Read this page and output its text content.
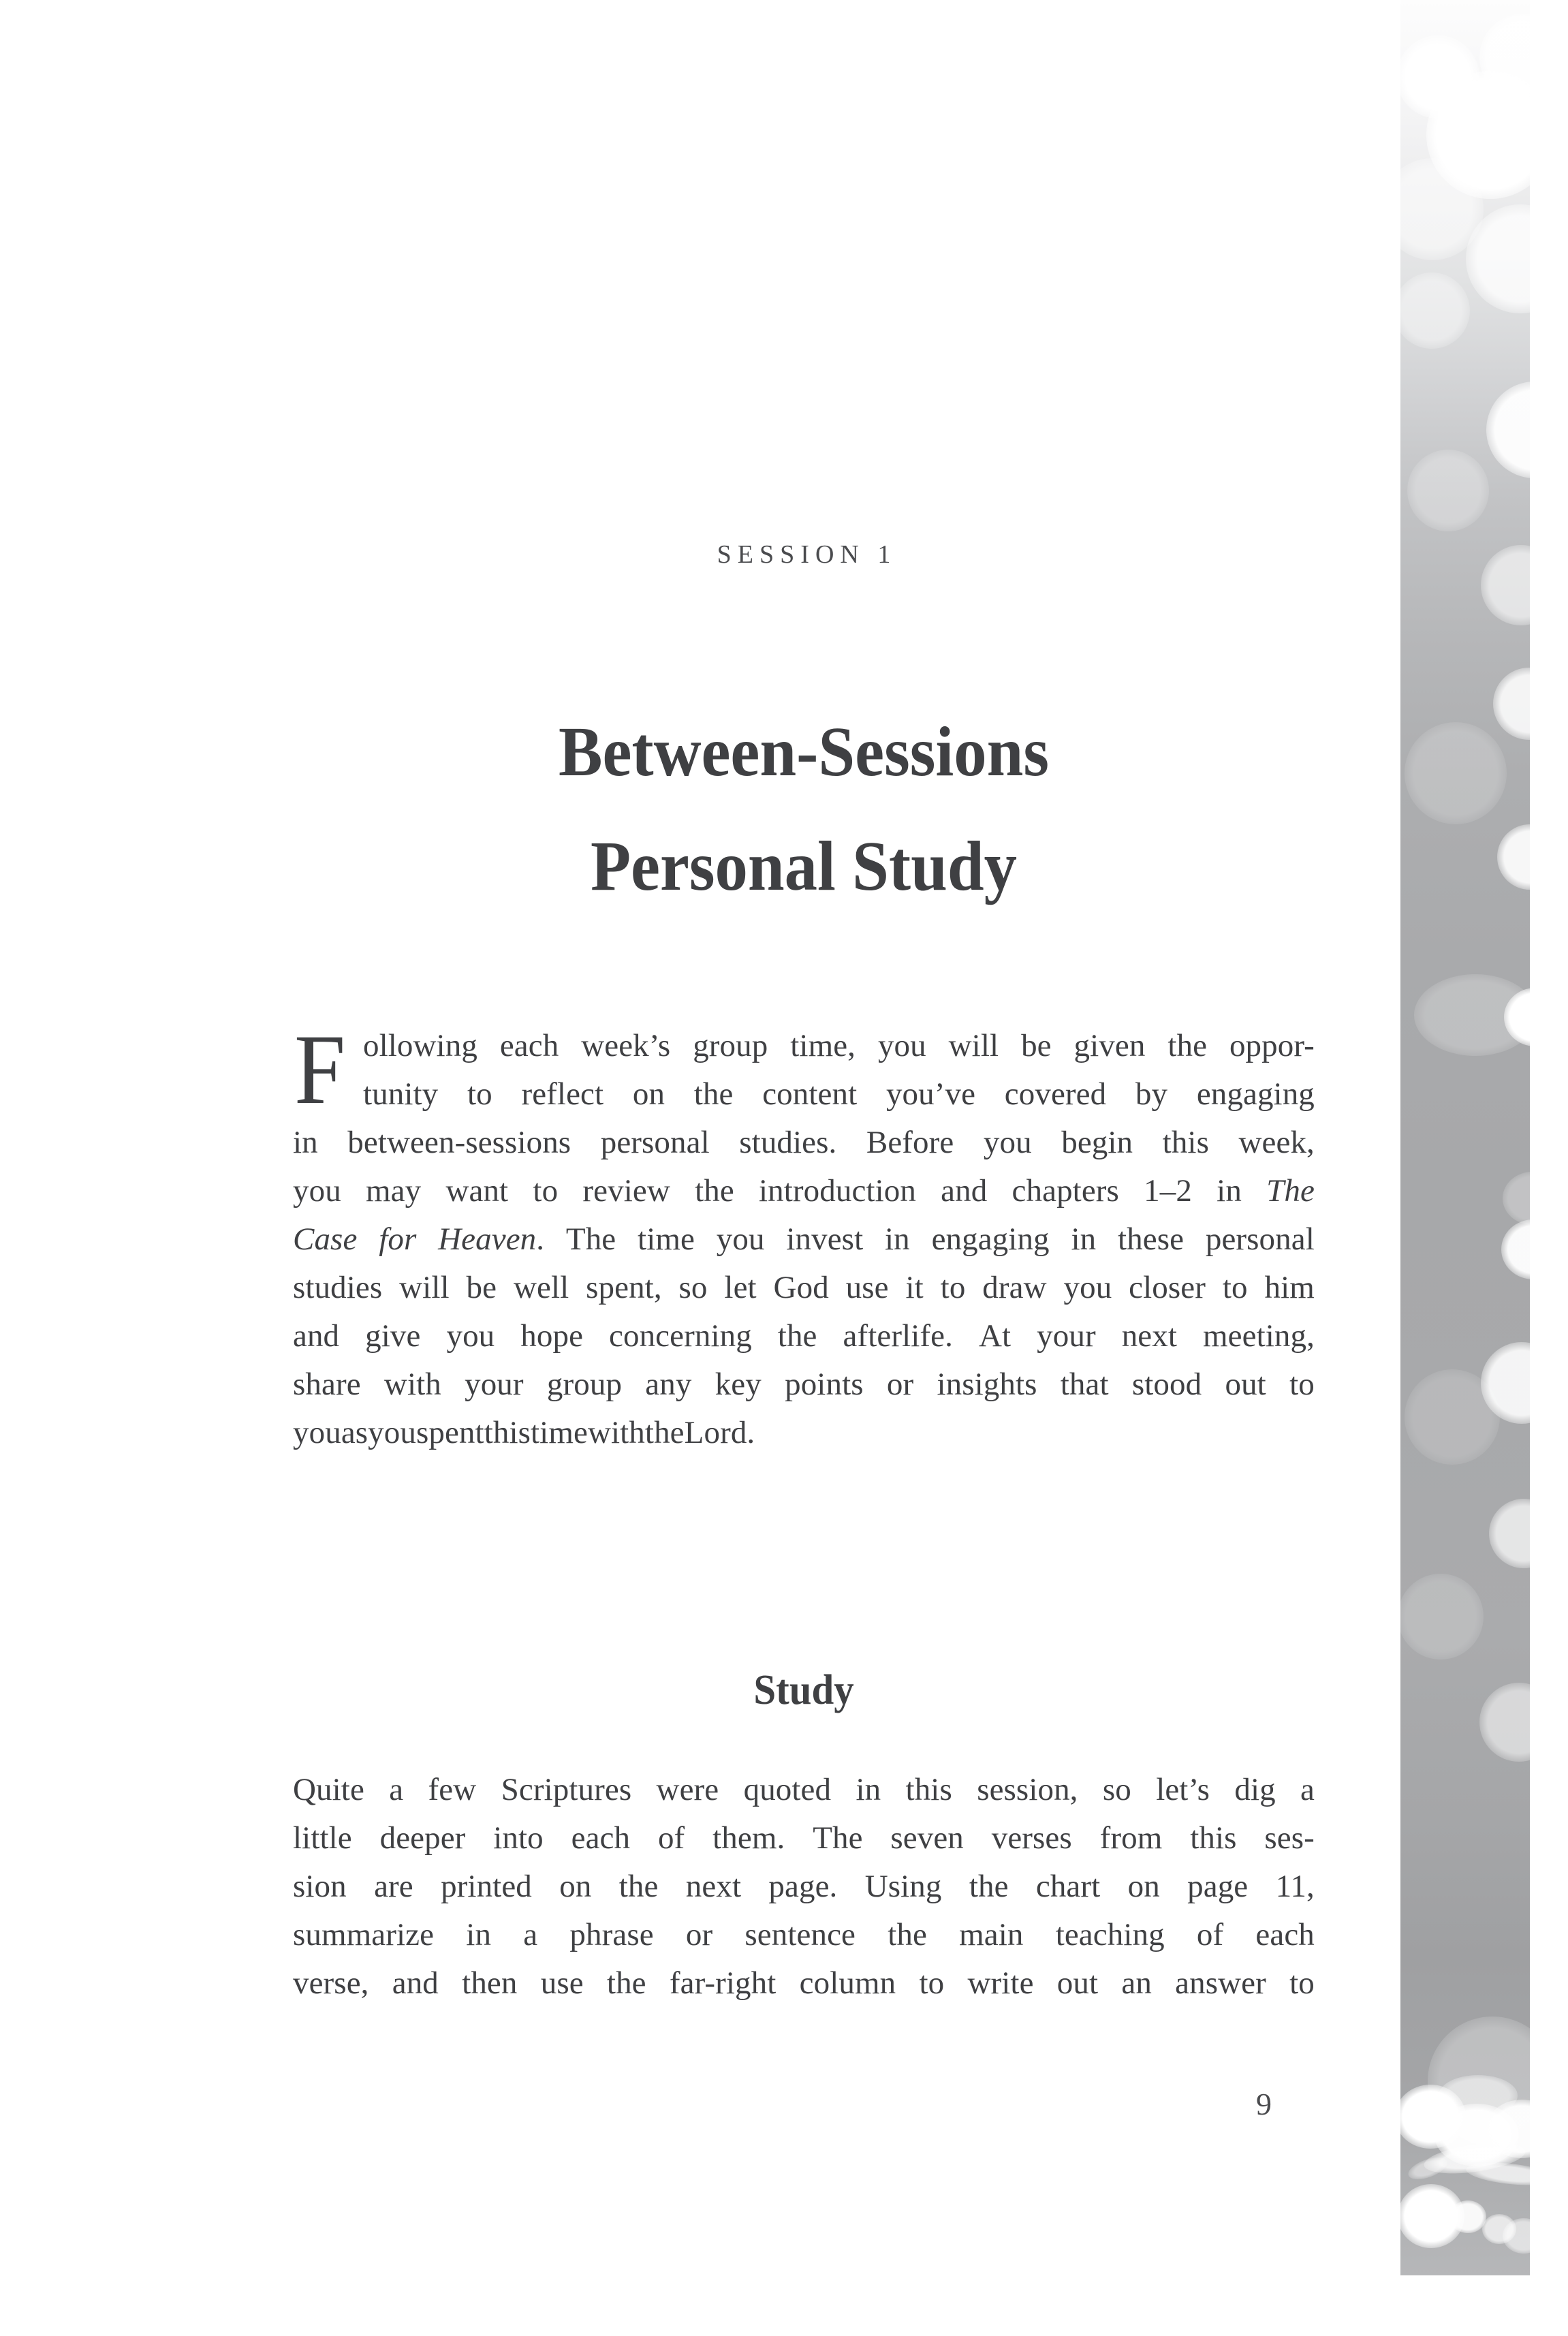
SESSION 1
Between-Sessions
Personal Study
F ollowing each week’s group time, you will be given the oppor-
tunity to reflect on the content you’ve covered by engaging
in between-sessions personal studies. Before you begin this week,
you may want to review the introduction and chapters 1–2 in The
Case for Heaven. The time you invest in engaging in these personal
studies will be well spent, so let God use it to draw you closer to him
and give you hope concerning the afterlife. At your next meeting,
share with your group any key points or insights that stood out to
you as you spent this time with the Lord.
Study
Quite a few Scriptures were quoted in this session, so let’s dig a
little deeper into each of them. The seven verses from this ses-
sion are printed on the next page. Using the chart on page 11,
summarize in a phrase or sentence the main teaching of each
verse, and then use the far-right column to write out an answer to
9
